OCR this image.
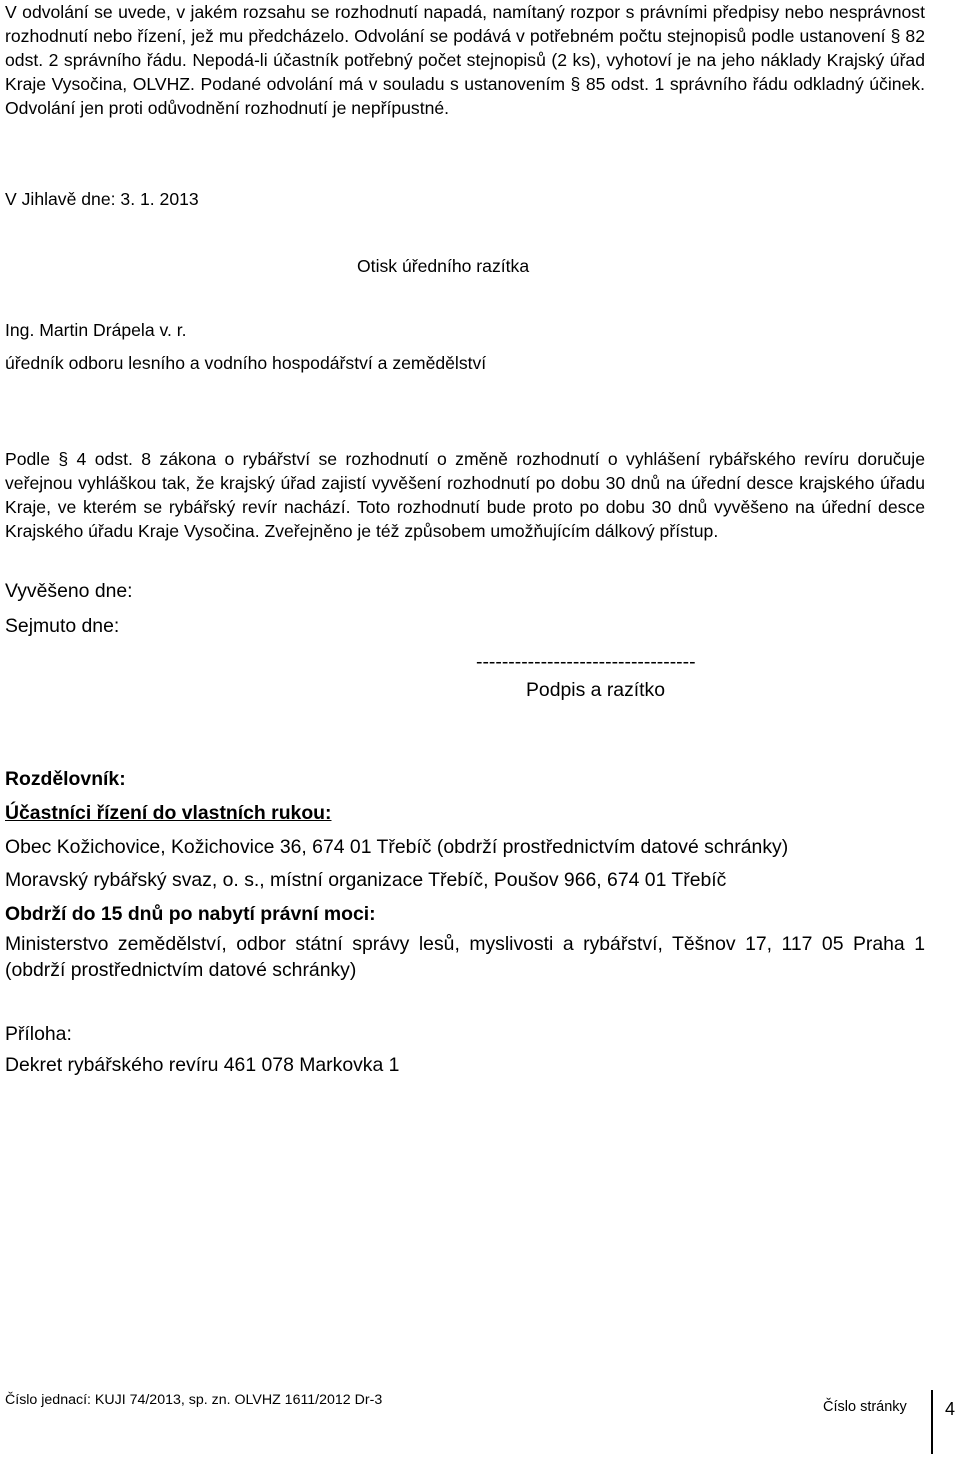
V odvolání se uvede, v jakém rozsahu se rozhodnutí napadá, namítaný rozpor s právními předpisy nebo nesprávnost rozhodnutí nebo řízení, jež mu předcházelo. Odvolání se podává v potřebném počtu stejnopisů podle ustanovení § 82 odst. 2 správního řádu. Nepodá-li účastník potřebný počet stejnopisů (2 ks), vyhotoví je na jeho náklady Krajský úřad Kraje Vysočina, OLVHZ. Podané odvolání má v souladu s ustanovením § 85 odst. 1 správního řádu odkladný účinek. Odvolání jen proti odůvodnění rozhodnutí je nepřípustné.

V Jihlavě dne: 3. 1. 2013

Otisk úředního razítka

Ing. Martin Drápela v. r.

úředník odboru lesního a vodního hospodářství a zemědělství

Podle § 4 odst. 8 zákona o rybářství se rozhodnutí o změně rozhodnutí o vyhlášení rybářského revíru doručuje veřejnou vyhláškou tak, že krajský úřad zajistí vyvěšení rozhodnutí po dobu 30 dnů na úřední desce krajského úřadu Kraje, ve kterém se rybářský revír nachází. Toto rozhodnutí bude proto po dobu 30 dnů vyvěšeno na úřední desce Krajského úřadu Kraje Vysočina. Zveřejněno je též způsobem umožňujícím dálkový přístup.

Vyvěšeno dne:

Sejmuto dne:

----------------------------------

Podpis a razítko

Rozdělovník:

Účastníci řízení do vlastních rukou:

Obec Kožichovice, Kožichovice 36, 674 01 Třebíč (obdrží prostřednictvím datové schránky)

Moravský rybářský svaz, o. s., místní organizace Třebíč, Poušov 966, 674 01 Třebíč

Obdrží do 15 dnů po nabytí právní moci:

Ministerstvo zemědělství, odbor státní správy lesů, myslivosti a rybářství, Těšnov 17, 117 05 Praha 1 (obdrží prostřednictvím datové schránky)

Příloha:

Dekret rybářského revíru 461 078 Markovka 1

Číslo jednací: KUJI 74/2013, sp. zn. OLVHZ 1611/2012 Dr-3	Číslo stránky 4
